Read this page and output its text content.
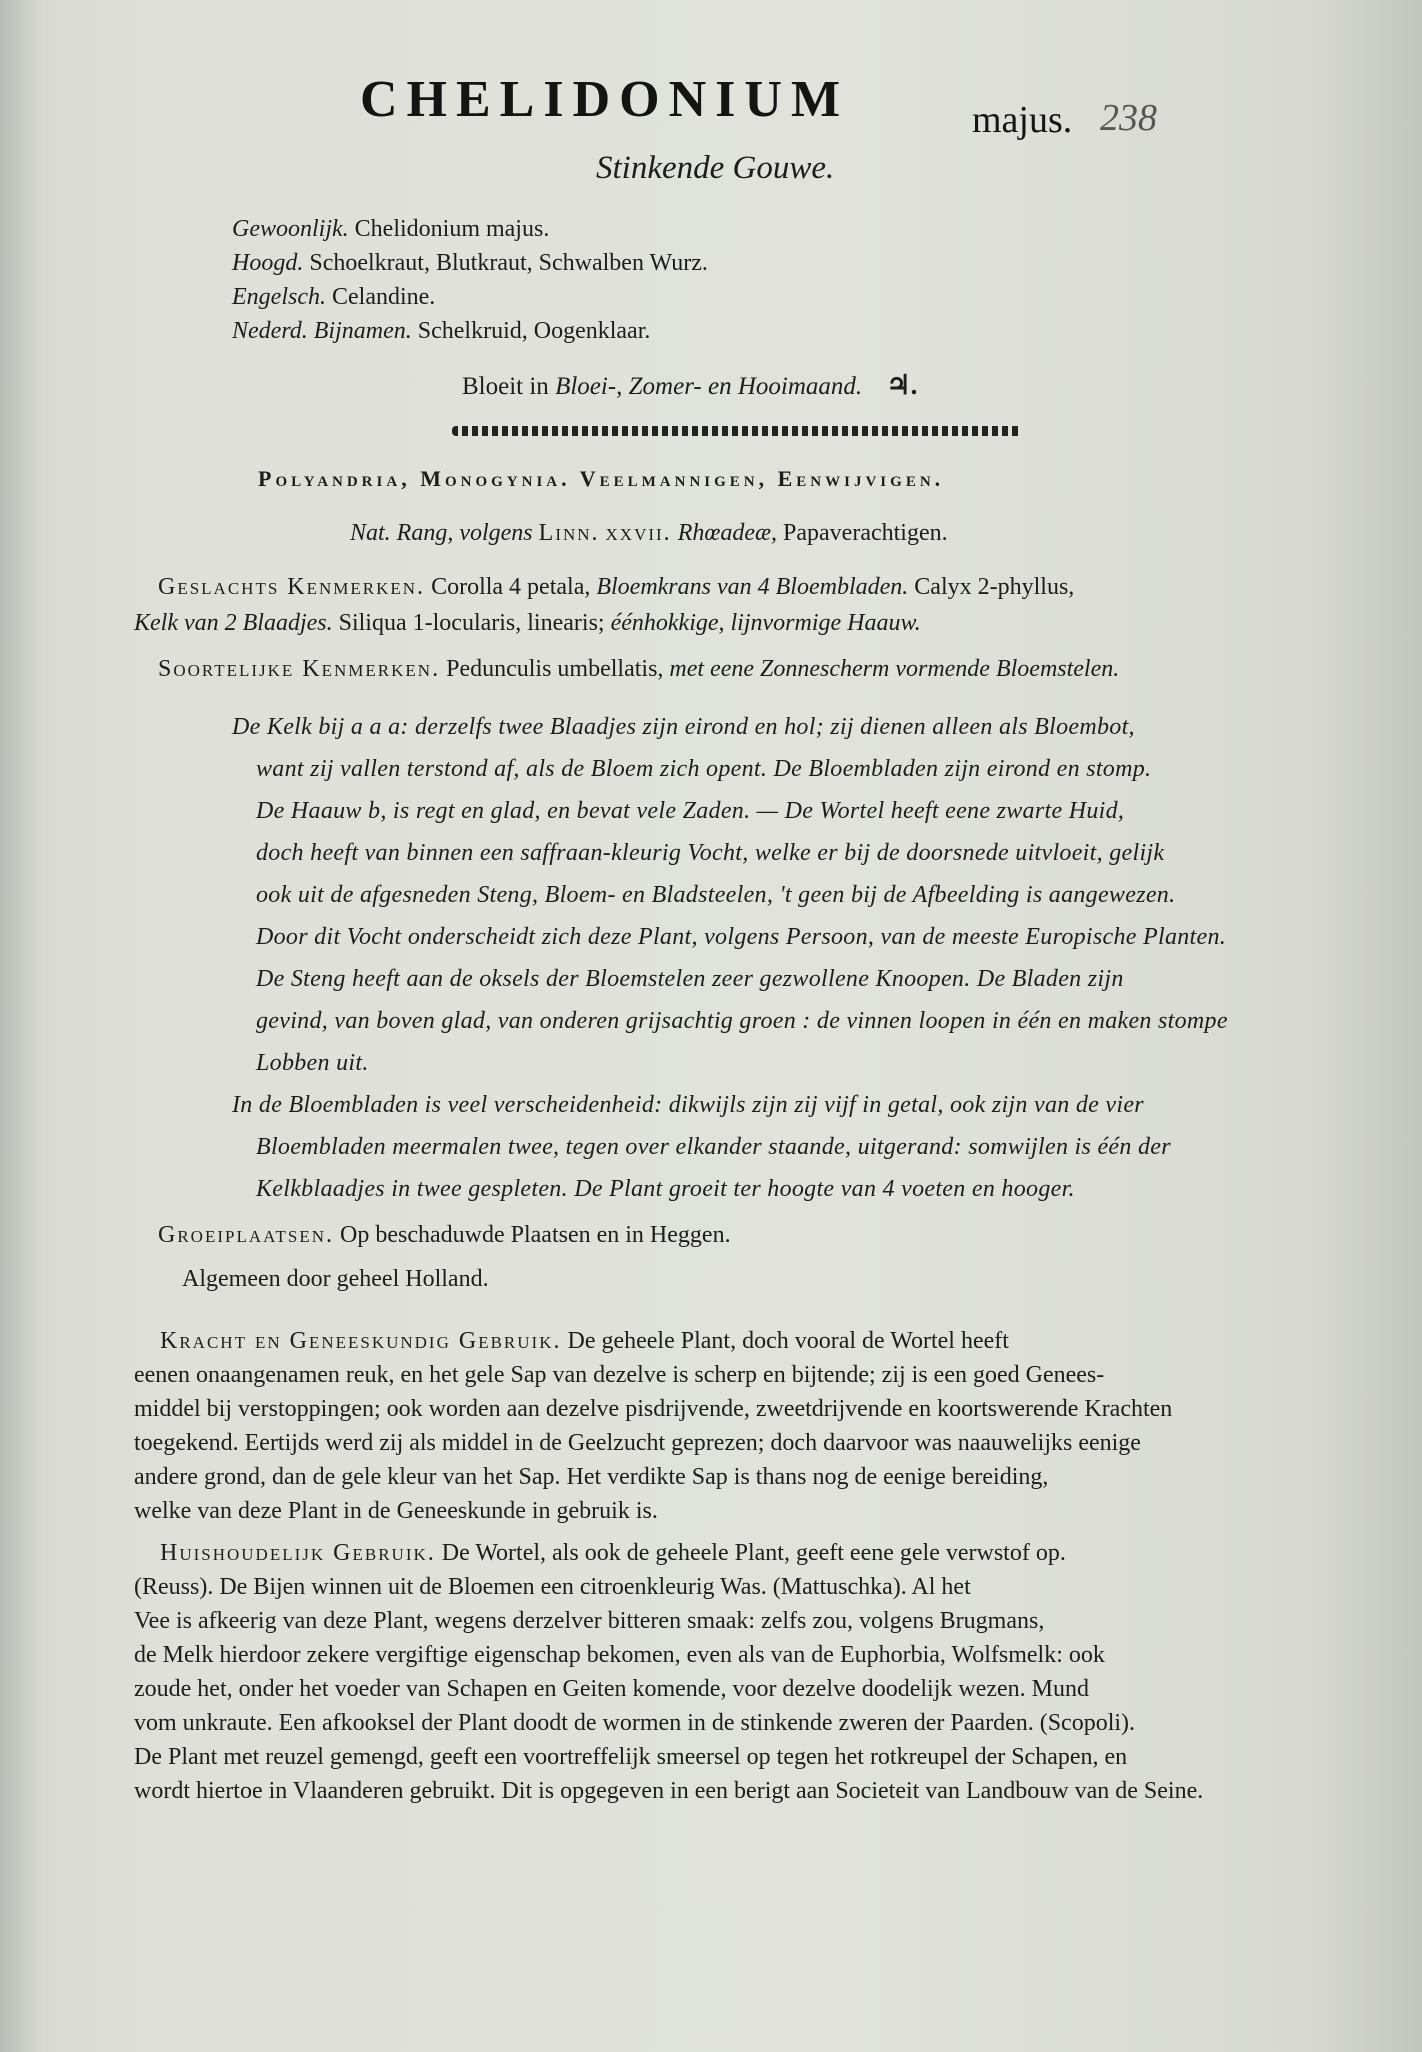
CHELIDONIUM	majus. 238
Stinkende Gouwe.
Gewoonlijk. Chelidonium majus.
Hoogd. Schoelkraut, Blutkraut, Schwalben Wurz.
Engelsch. Celandine.
Nederd. Bijnamen. Schelkruid, Oogenklaar.
Bloeit in Bloei-, Zomer- en Hooimaand. ♃.
Polyandria, Monogynia. Veelmannigen, Eenwijvigen.
Nat. Rang, volgens Linn. xxvii. Rhœadeæ, Papaverachtigen.
Geslachts Kenmerken. Corolla 4 petala, Bloemkrans van 4 Bloembladen. Calyx 2-phyllus,
Kelk van 2 Blaadjes. Siliqua 1-locularis, linearis; éénhokkige, lijnvormige Haauw.
Soortelijke Kenmerken. Pedunculis umbellatis, met eene Zonnescherm vormende Bloemstelen.
De Kelk bij a a a: derzelfs twee Blaadjes zijn eirond en hol; zij dienen alleen als Bloembot,
want zij vallen terstond af, als de Bloem zich opent. De Bloembladen zijn eirond en stomp.
De Haauw b, is regt en glad, en bevat vele Zaden. — De Wortel heeft eene zwarte Huid,
doch heeft van binnen een saffraan-kleurig Vocht, welke er bij de doorsnede uitvloeit, gelijk
ook uit de afgesneden Steng, Bloem- en Bladsteelen, 't geen bij de Afbeelding is aangewezen.
Door dit Vocht onderscheidt zich deze Plant, volgens Persoon, van de meeste Europische Planten.
De Steng heeft aan de oksels der Bloemstelen zeer gezwollene Knoopen. De Bladen zijn
gevind, van boven glad, van onderen grijsachtig groen : de vinnen loopen in één en maken stompe
Lobben uit.
In de Bloembladen is veel verscheidenheid: dikwijls zijn zij vijf in getal, ook zijn van de vier
Bloembladen meermalen twee, tegen over elkander staande, uitgerand: somwijlen is één der
Kelkblaadjes in twee gespleten. De Plant groeit ter hoogte van 4 voeten en hooger.
Groeiplaatsen. Op beschaduwde Plaatsen en in Heggen.
Algemeen door geheel Holland.
Kracht en Geneeskundig Gebruik. De geheele Plant, doch vooral de Wortel heeft
eenen onaangenamen reuk, en het gele Sap van dezelve is scherp en bijtende; zij is een goed Genees-
middel bij verstoppingen; ook worden aan dezelve pisdrijvende, zweetdrijvende en koortswerende Krachten
toegekend. Eertijds werd zij als middel in de Geelzucht geprezen; doch daarvoor was naauwelijks eenige
andere grond, dan de gele kleur van het Sap. Het verdikte Sap is thans nog de eenige bereiding,
welke van deze Plant in de Geneeskunde in gebruik is.
Huishoudelijk Gebruik. De Wortel, als ook de geheele Plant, geeft eene gele verwstof op.
(Reuss). De Bijen winnen uit de Bloemen een citroenkleurig Was. (Mattuschka). Al het
Vee is afkeerig van deze Plant, wegens derzelver bitteren smaak: zelfs zou, volgens Brugmans,
de Melk hierdoor zekere vergiftige eigenschap bekomen, even als van de Euphorbia, Wolfsmelk: ook
zoude het, onder het voeder van Schapen en Geiten komende, voor dezelve doodelijk wezen. Mund
vom unkraute. Een afkooksel der Plant doodt de wormen in de stinkende zweren der Paarden. (Scopoli).
De Plant met reuzel gemengd, geeft een voortreffelijk smeersel op tegen het rotkreupel der Schapen, en
wordt hiertoe in Vlaanderen gebruikt. Dit is opgegeven in een berigt aan Societeit van Landbouw van de Seine.
